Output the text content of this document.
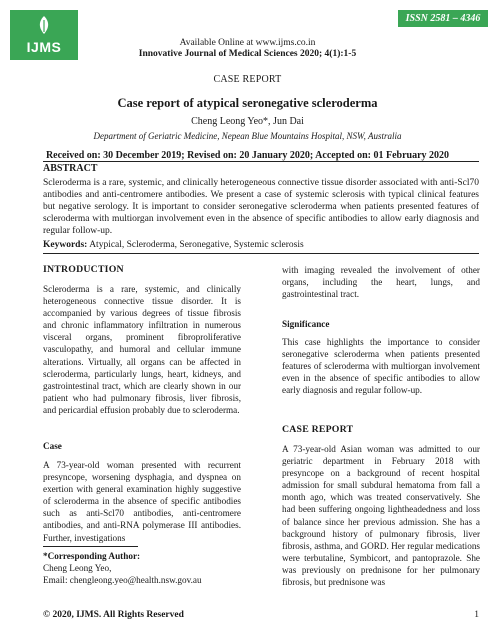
IJMS
ISSN 2581 – 4346
Available Online at www.ijms.co.in
Innovative Journal of Medical Sciences 2020; 4(1):1-5
CASE REPORT
Case report of atypical seronegative scleroderma
Cheng Leong Yeo*, Jun Dai
Department of Geriatric Medicine, Nepean Blue Mountains Hospital, NSW, Australia
Received on: 30 December 2019; Revised on: 20 January 2020; Accepted on: 01 February 2020
ABSTRACT
Scleroderma is a rare, systemic, and clinically heterogeneous connective tissue disorder associated with anti-Scl70 antibodies and anti-centromere antibodies. We present a case of systemic sclerosis with typical clinical features but negative serology. It is important to consider seronegative scleroderma when patients presented features of scleroderma with multiorgan involvement even in the absence of specific antibodies to allow early diagnosis and regular follow-up.
Keywords: Atypical, Scleroderma, Seronegative, Systemic sclerosis
INTRODUCTION
Scleroderma is a rare, systemic, and clinically heterogeneous connective tissue disorder. It is accompanied by various degrees of tissue fibrosis and chronic inflammatory infiltration in numerous visceral organs, prominent fibroproliferative vasculopathy, and humoral and cellular immune alterations. Virtually, all organs can be affected in scleroderma, particularly lungs, heart, kidneys, and gastrointestinal tract, which are clearly shown in our patient who had pulmonary fibrosis, liver fibrosis, and pericardial effusion probably due to scleroderma.
Case
A 73-year-old woman presented with recurrent presyncope, worsening dysphagia, and dyspnea on exertion with general examination highly suggestive of scleroderma in the absence of specific antibodies such as anti-Scl70 antibodies, anti-centromere antibodies, and anti-RNA polymerase III antibodies. Further, investigations

*Corresponding Author:

Cheng Leong Yeo,

Email: chengleong.yeo@health.nsw.gov.au

with imaging revealed the involvement of other organs, including the heart, lungs, and gastrointestinal tract.
Significance
This case highlights the importance to consider seronegative scleroderma when patients presented features of scleroderma with multiorgan involvement even in the absence of specific antibodies to allow early diagnosis and regular follow-up.
CASE REPORT
A 73-year-old Asian woman was admitted to our geriatric department in February 2018 with presyncope on a background of recent hospital admission for small subdural hematoma from fall a month ago, which was treated conservatively. She had been suffering ongoing lightheadedness and loss of balance since her previous admission. She has a background history of pulmonary fibrosis, liver fibrosis, asthma, and GORD. Her regular medications were terbutaline, Symbicort, and pantoprazole. She was previously on prednisone for her pulmonary fibrosis, but prednisone was
© 2020, IJMS. All Rights Reserved	1
